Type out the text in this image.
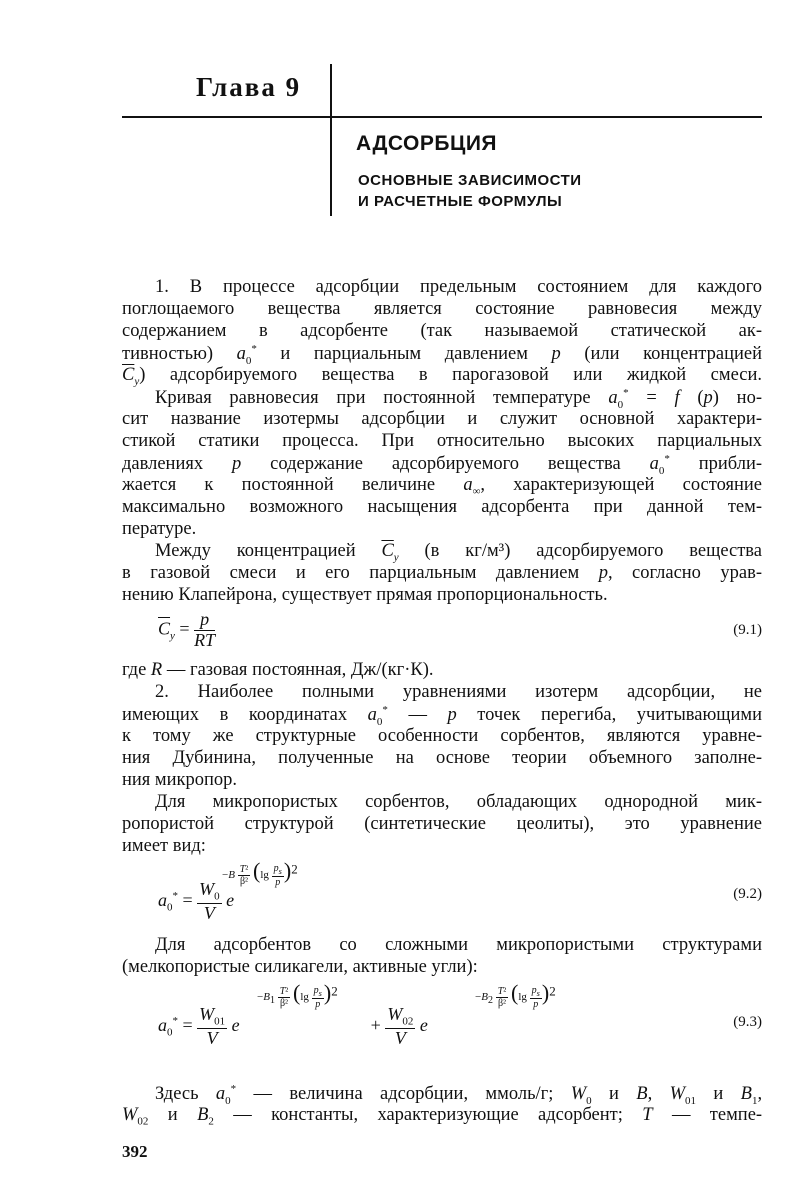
Глава 9
АДСОРБЦИЯ
ОСНОВНЫЕ ЗАВИСИМОСТИ
И РАСЧЕТНЫЕ ФОРМУЛЫ
1. В процессе адсорбции предельным состоянием для каждого
поглощаемого вещества является состояние равновесия между
содержанием в адсорбенте (так называемой статической ак-
тивностью) $a_0^*$ и парциальным давлением p (или концентрацией
$\overline{C}_y$) адсорбируемого вещества в парогазовой или жидкой смеси.
Кривая равновесия при постоянной температуре $a_0^* = f$ (p) но-
сит название изотермы адсорбции и служит основной характери-
стикой статики процесса. При относительно высоких парциальных
давлениях p содержание адсорбируемого вещества $a_0^*$ прибли-
жается к постоянной величине $a_\infty$, характеризующей состояние
максимально возможного насыщения адсорбента при данной тем-
пературе.
Между концентрацией $\overline{C}_y$ (в кг/м³) адсорбируемого вещества
в газовой смеси и его парциальным давлением p, согласно урав-
нению Клапейрона, существует прямая пропорциональность.
$\overline{C}_y = \frac{p}{RT}$	(9.1)
где R — газовая постоянная, Дж/(кг·К).
2. Наиболее полными уравнениями изотерм адсорбции, не
имеющих в координатах $a_0^*$ — p точек перегиба, учитывающими
к тому же структурные особенности сорбентов, являются уравне-
ния Дубинина, полученные на основе теории объемного заполне-
ния микропор.
Для микропористых сорбентов, обладающих однородной мик-
ропористой структурой (синтетические цеолиты), это уравнение
имеет вид:
$-B \frac{\text{T²}}{\text{β²}} (\lg \frac{p_s}{p} )^2$
$a_0^* = \frac{W_0}{V}$ e	(9.2)
Для адсорбентов со сложными микропористыми структурами
(мелкопористые силикагели, активные угли):
$-B_1 \frac{\text{T²}}{\text{β²}} (\lg \frac{p_s}{p} )^2$	$-B_2 \frac{\text{T²}}{\text{β²}} (\lg \frac{p_s}{p} )^2$
$a_0^* = \frac{W_{01}}{V}$ e	+ $\frac{W_{02}}{V}$ e	(9.3)
Здесь $a_0^*$ — величина адсорбции, ммоль/г; $W_0$ и B, $W_{01}$ и $B_1$,
$W_{02}$ и $B_2$ — константы, характеризующие адсорбент; T — темпе-
392
